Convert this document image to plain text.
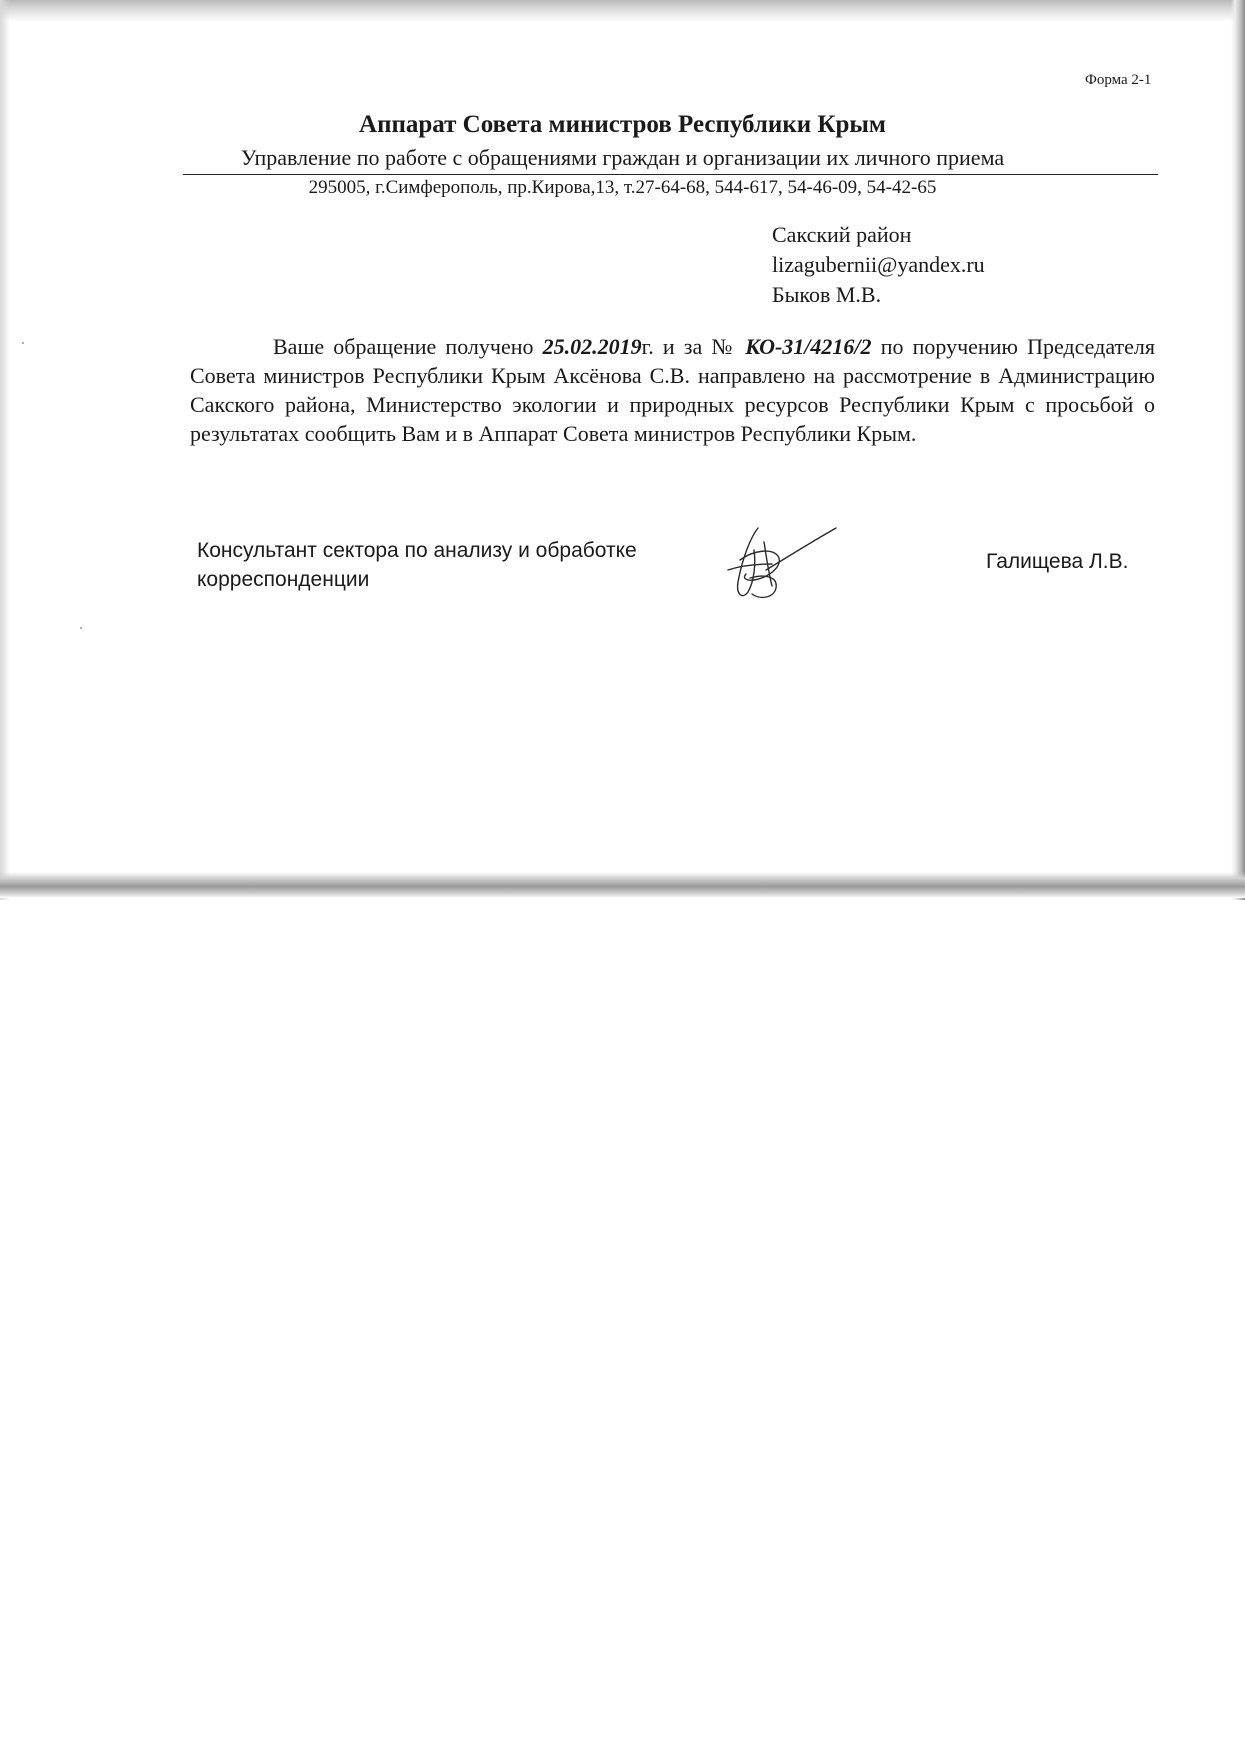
Форма 2-1
Аппарат Совета министров Республики Крым
Управление по работе с обращениями граждан и организации их личного приема
295005, г.Симферополь, пр.Кирова,13, т.27-64-68, 544-617, 54-46-09, 54-42-65
Сакский район
lizagubernii@yandex.ru
Быков М.В.

Ваше обращение получено 25.02.2019г. и за № КО-31/4216/2 по поручению Председателя Совета министров Республики Крым Аксёнова С.В. направлено на рассмотрение в Администрацию Сакского района, Министерство экологии и природных ресурсов Республики Крым с просьбой о результатах сообщить Вам и в Аппарат Совета министров Республики Крым.

Консультант сектора по анализу и обработке корреспонденции
Галищева Л.В.
